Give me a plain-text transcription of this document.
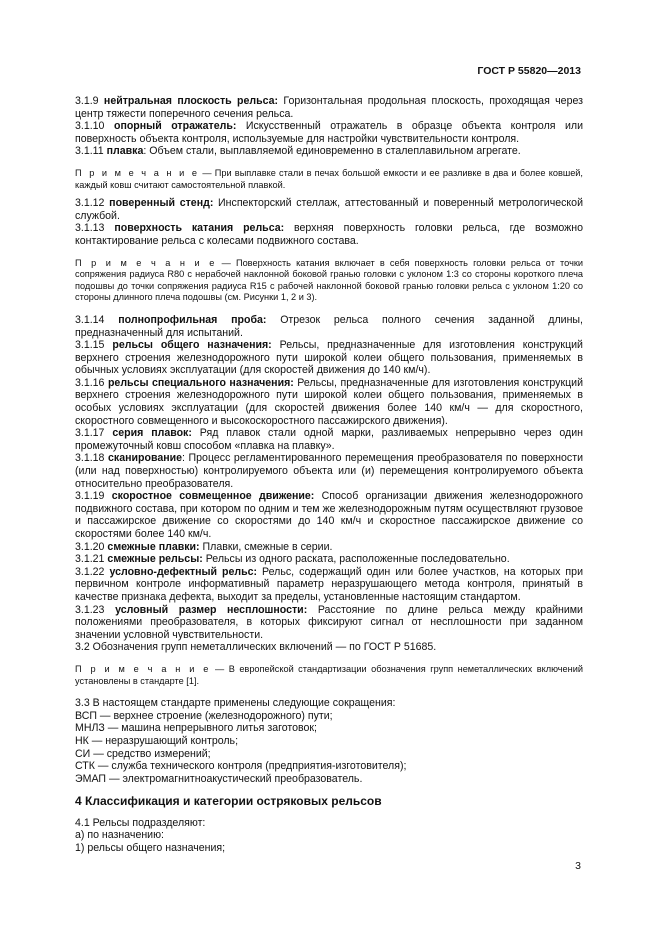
ГОСТ Р 55820—2013

3.1.9 нейтральная плоскость рельса: Горизонтальная продольная плоскость, проходящая через центр тяжести поперечного сечения рельса.

3.1.10 опорный отражатель: Искусственный отражатель в образце объекта контроля или поверхность объекта контроля, используемые для настройки чувствительности контроля.

3.1.11 плавка: Объем стали, выплавляемой единовременно в сталеплавильном агрегате.

П р и м е ч а н и е — При выплавке стали в печах большой емкости и ее разливке в два и более ковшей, каждый ковш считают самостоятельной плавкой.

3.1.12 поверенный стенд: Инспекторский стеллаж, аттестованный и поверенный метрологической службой.

3.1.13 поверхность катания рельса: верхняя поверхность головки рельса, где возможно контактирование рельса с колесами подвижного состава.

П р и м е ч а н и е — Поверхность катания включает в себя поверхность головки рельса от точки сопряжения радиуса R80 с нерабочей наклонной боковой гранью головки с уклоном 1:3 со стороны короткого плеча подошвы до точки сопряжения радиуса R15 с рабочей наклонной боковой гранью головки рельса с уклоном 1:20 со стороны длинного плеча подошвы (см. Рисунки 1, 2 и 3).

3.1.14 полнопрофильная проба: Отрезок рельса полного сечения заданной длины, предназначенный для испытаний.

3.1.15 рельсы общего назначения: Рельсы, предназначенные для изготовления конструкций верхнего строения железнодорожного пути широкой колеи общего пользования, применяемых в обычных условиях эксплуатации (для скоростей движения до 140 км/ч).

3.1.16 рельсы специального назначения: Рельсы, предназначенные для изготовления конструкций верхнего строения железнодорожного пути широкой колеи общего пользования, применяемых в особых условиях эксплуатации (для скоростей движения более 140 км/ч — для скоростного, скоростного совмещенного и высокоскоростного пассажирского движения).

3.1.17 серия плавок: Ряд плавок стали одной марки, разливаемых непрерывно через один промежуточный ковш способом «плавка на плавку».

3.1.18 сканирование: Процесс регламентированного перемещения преобразователя по поверхности (или над поверхностью) контролируемого объекта или (и) перемещения контролируемого объекта относительно преобразователя.

3.1.19 скоростное совмещенное движение: Способ организации движения железнодорожного подвижного состава, при котором по одним и тем же железнодорожным путям осуществляют грузовое и пассажирское движение со скоростями до 140 км/ч и скоростное пассажирское движение со скоростями более 140 км/ч.

3.1.20 смежные плавки: Плавки, смежные в серии.

3.1.21 смежные рельсы: Рельсы из одного раската, расположенные последовательно.

3.1.22 условно-дефектный рельс: Рельс, содержащий один или более участков, на которых при первичном контроле информативный параметр неразрушающего метода контроля, принятый в качестве признака дефекта, выходит за пределы, установленные настоящим стандартом.

3.1.23 условный размер несплошности: Расстояние по длине рельса между крайними положениями преобразователя, в которых фиксируют сигнал от несплошности при заданном значении условной чувствительности.

3.2 Обозначения групп неметаллических включений — по ГОСТ Р 51685.

П р и м е ч а н и е — В европейской стандартизации обозначения групп неметаллических включений установлены в стандарте [1].

3.3 В настоящем стандарте применены следующие сокращения:

ВСП — верхнее строение (железнодорожного) пути;

МНЛЗ — машина непрерывного литья заготовок;

НК — неразрушающий контроль;

СИ — средство измерений;

СТК — служба технического контроля (предприятия-изготовителя);

ЭМАП — электромагнитноакустический преобразователь.

4 Классификация и категории остряковых рельсов

4.1 Рельсы подразделяют:

а) по назначению:

1) рельсы общего назначения;

3
